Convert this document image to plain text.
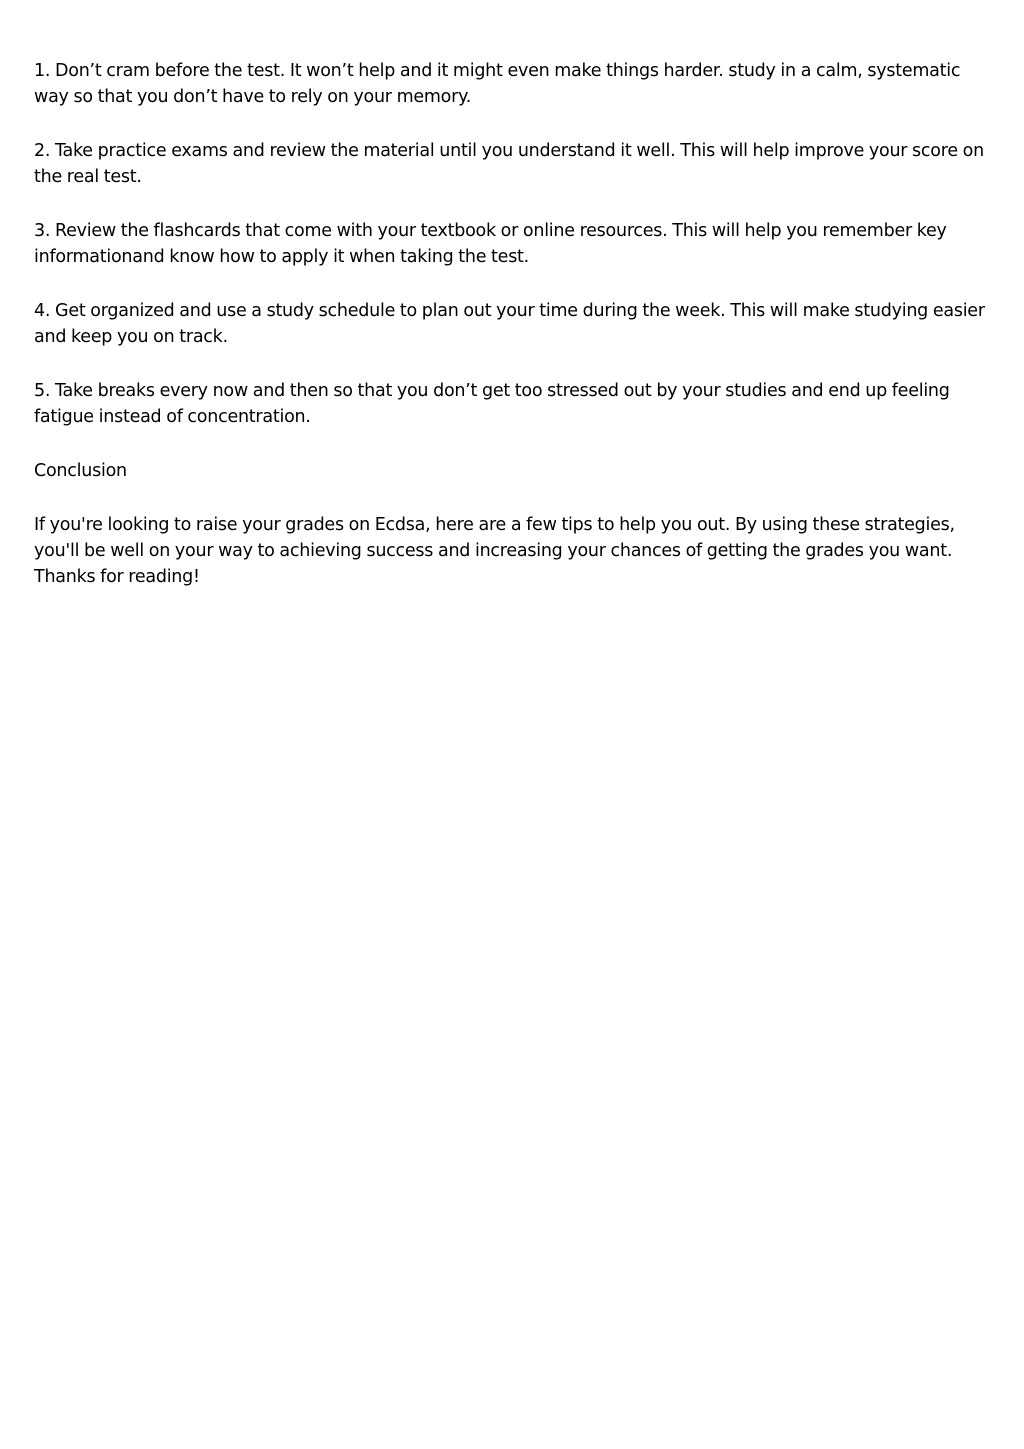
1. Don’t cram before the test. It won’t help and it might even make things harder. study in a calm, systematic way so that you don’t have to rely on your memory.

2. Take practice exams and review the material until you understand it well. This will help improve your score on the real test.

3. Review the flashcards that come with your textbook or online resources. This will help you remember key informationand know how to apply it when taking the test.

4. Get organized and use a study schedule to plan out your time during the week. This will make studying easier and keep you on track.

5. Take breaks every now and then so that you don’t get too stressed out by your studies and end up feeling fatigue instead of concentration.

Conclusion

If you're looking to raise your grades on Ecdsa, here are a few tips to help you out. By using these strategies, you'll be well on your way to achieving success and increasing your chances of getting the grades you want. Thanks for reading!
